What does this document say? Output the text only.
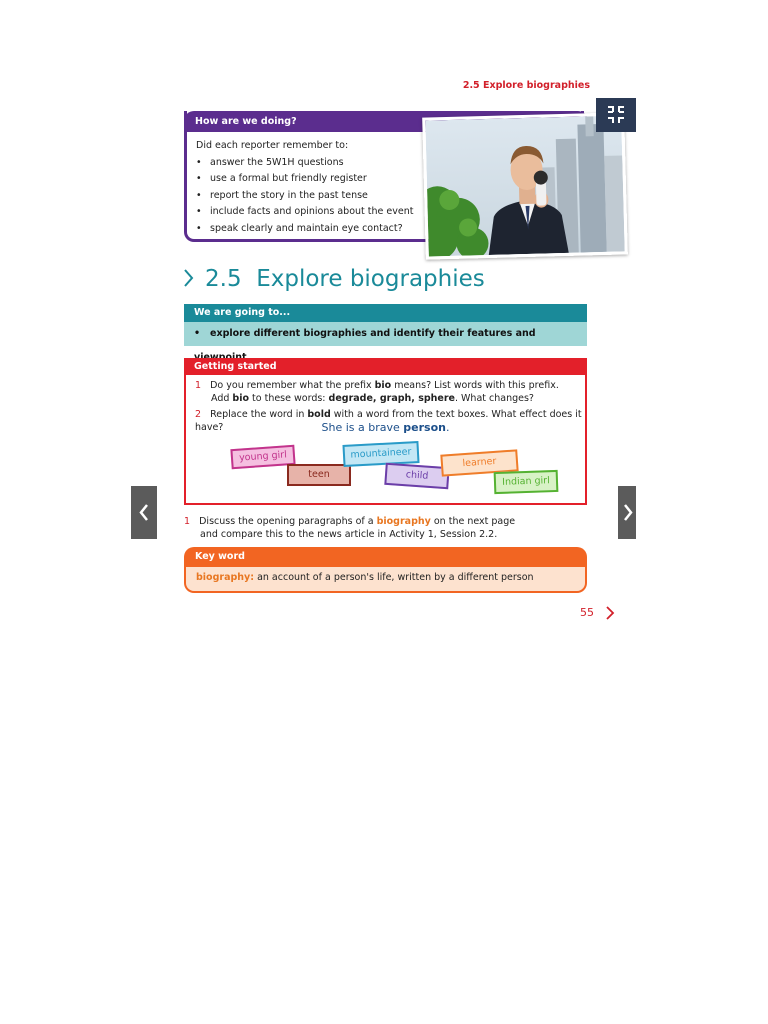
2.5 Explore biographies
How are we doing?
Did each reporter remember to:
• answer the 5W1H questions
• use a formal but friendly register
• report the story in the past tense
• include facts and opinions about the event
• speak clearly and maintain eye contact?
2.5 Explore biographies
We are going to...
•   explore different biographies and identify their features and
Getting started
1 Do you remember what the prefix bio means? List words with this prefix.
Add bio to these words: degrade, graph, sphere. What changes?
2 Replace the word in bold with a word from the text boxes. What effect does it have?	She is a brave person.
young girl
teen
mountaineer
child
learner
Indian girl
1 Discuss the opening paragraphs of a biography on the next page
and compare this to the news article in Activity 1, Session 2.2.
Key word
biography: an account of a person's life, written by a different person
55
